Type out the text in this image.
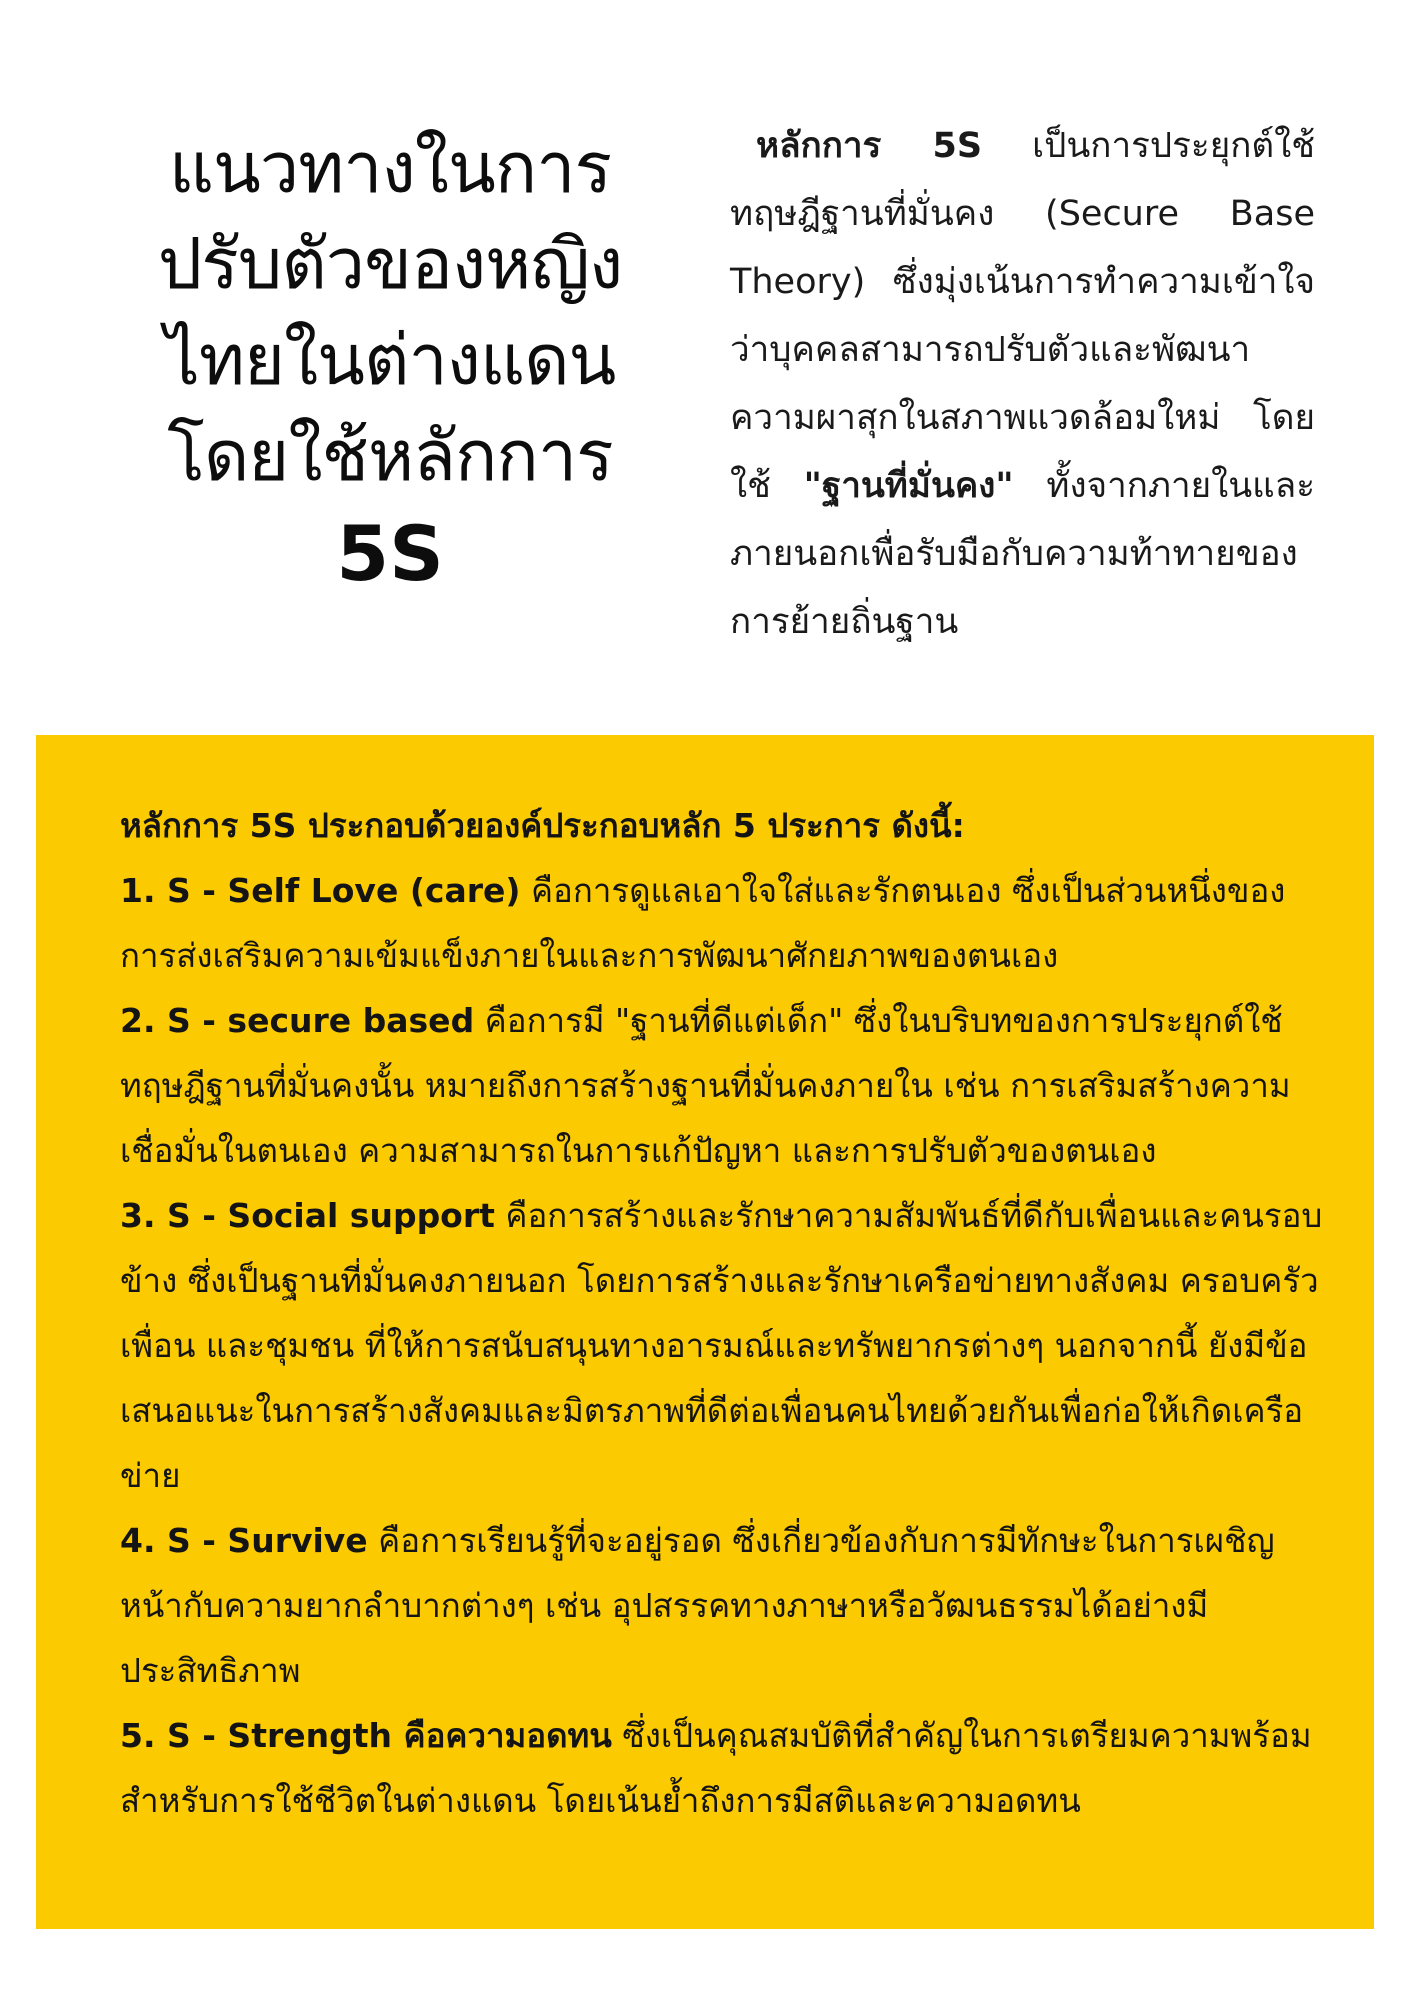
แนวทางในการ
ปรับตัวของหญิง
ไทยในต่างแดน
โดยใช้หลักการ
5S
หลักการ 5S เป็นการประยุกต์ใช้ทฤษฎีฐานที่มั่นคง (Secure Base Theory) ซึ่งมุ่งเน้นการทำความเข้าใจว่าบุคคลสามารถปรับตัวและพัฒนาความผาสุกในสภาพแวดล้อมใหม่ โดยใช้ "ฐานที่มั่นคง" ทั้งจากภายในและภายนอกเพื่อรับมือกับความท้าทายของการย้ายถิ่นฐาน
หลักการ 5S ประกอบด้วยองค์ประกอบหลัก 5 ประการ ดังนี้:
1. S - Self Love (care) คือการดูแลเอาใจใส่และรักตนเอง ซึ่งเป็นส่วนหนึ่งของการส่งเสริมความเข้มแข็งภายในและการพัฒนาศักยภาพของตนเอง
2. S - secure based คือการมี "ฐานที่ดีแต่เด็ก" ซึ่งในบริบทของการประยุกต์ใช้ทฤษฎีฐานที่มั่นคงนั้น หมายถึงการสร้างฐานที่มั่นคงภายใน เช่น การเสริมสร้างความเชื่อมั่นในตนเอง ความสามารถในการแก้ปัญหา และการปรับตัวของตนเอง
3. S - Social support คือการสร้างและรักษาความสัมพันธ์ที่ดีกับเพื่อนและคนรอบข้าง ซึ่งเป็นฐานที่มั่นคงภายนอก โดยการสร้างและรักษาเครือข่ายทางสังคม ครอบครัว เพื่อน และชุมชน ที่ให้การสนับสนุนทางอารมณ์และทรัพยากรต่างๆ นอกจากนี้ ยังมีข้อเสนอแนะในการสร้างสังคมและมิตรภาพที่ดีต่อเพื่อนคนไทยด้วยกันเพื่อก่อให้เกิดเครือข่าย
4. S - Survive คือการเรียนรู้ที่จะอยู่รอด ซึ่งเกี่ยวข้องกับการมีทักษะในการเผชิญหน้ากับความยากลำบากต่างๆ เช่น อุปสรรคทางภาษาหรือวัฒนธรรมได้อย่างมีประสิทธิภาพ
5. S - Strength คือความอดทน ซึ่งเป็นคุณสมบัติที่สำคัญในการเตรียมความพร้อมสำหรับการใช้ชีวิตในต่างแดน โดยเน้นย้ำถึงการมีสติและความอดทน
